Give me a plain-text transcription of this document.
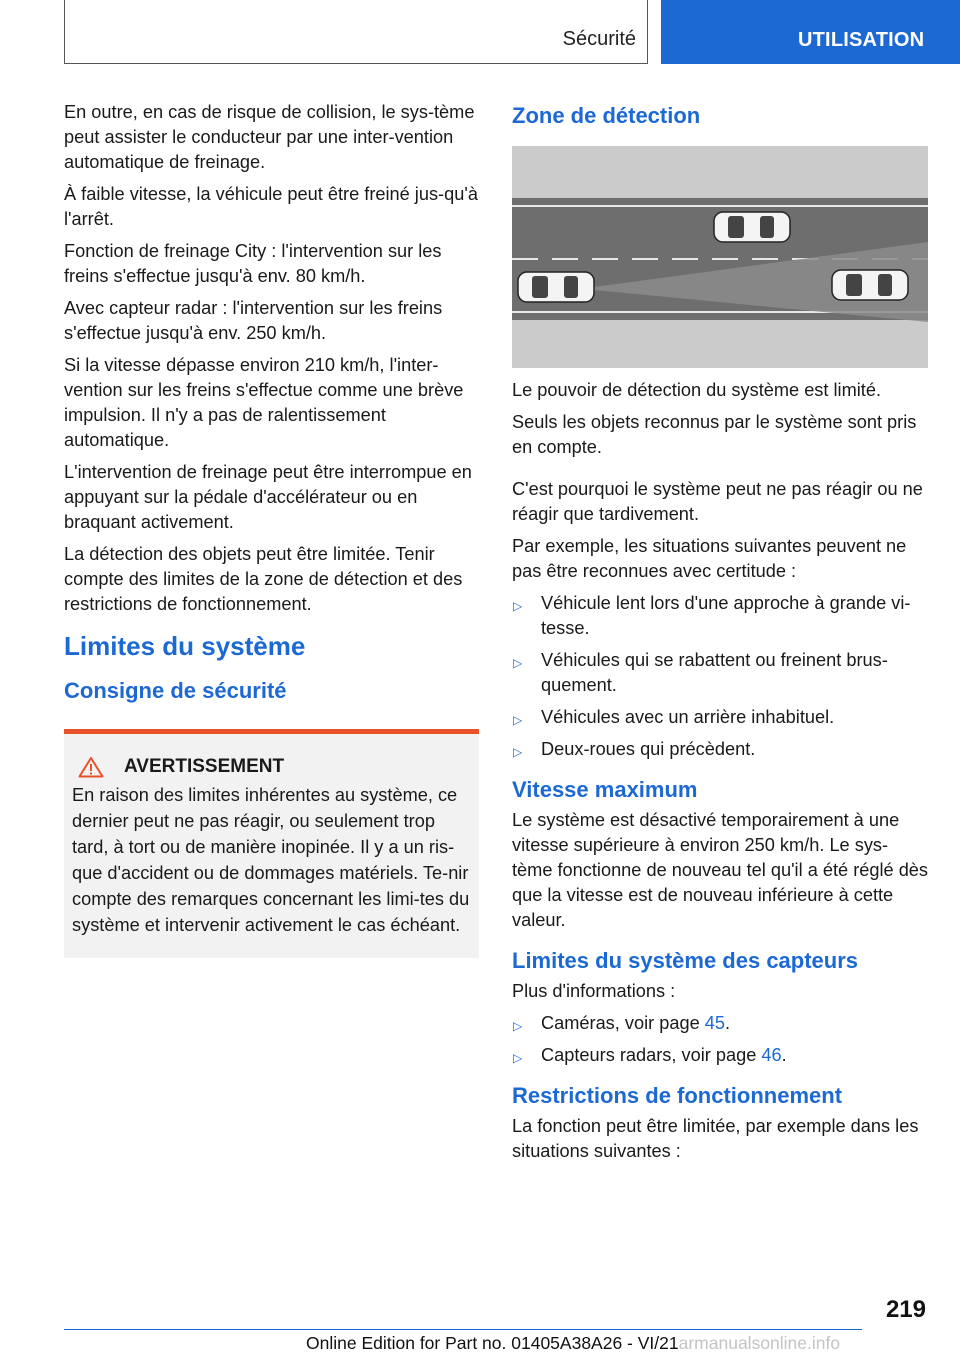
Sécurité	UTILISATION

En outre, en cas de risque de collision, le sys-tème peut assister le conducteur par une inter-vention automatique de freinage.

À faible vitesse, la véhicule peut être freiné jus-qu'à l'arrêt.

Fonction de freinage City : l'intervention sur les freins s'effectue jusqu'à env. 80 km/h.

Avec capteur radar : l'intervention sur les freins s'effectue jusqu'à env. 250 km/h.

Si la vitesse dépasse environ 210 km/h, l'inter-vention sur les freins s'effectue comme une brève impulsion. Il n'y a pas de ralentissement automatique.

L'intervention de freinage peut être interrompue en appuyant sur la pédale d'accélérateur ou en braquant activement.

La détection des objets peut être limitée. Tenir compte des limites de la zone de détection et des restrictions de fonctionnement.

Limites du système
Consigne de sécurité
AVERTISSEMENT
En raison des limites inhérentes au système, ce dernier peut ne pas réagir, ou seulement trop tard, à tort ou de manière inopinée. Il y a un ris-que d'accident ou de dommages matériels. Te-nir compte des remarques concernant les limi-tes du système et intervenir activement le cas échéant.
Zone de détection

Le pouvoir de détection du système est limité.

Seuls les objets reconnus par le système sont pris en compte.

C'est pourquoi le système peut ne pas réagir ou ne réagir que tardivement.

Par exemple, les situations suivantes peuvent ne pas être reconnues avec certitude :

▷ Véhicule lent lors d'une approche à grande vi-tesse.
▷ Véhicules qui se rabattent ou freinent brus-quement.
▷ Véhicules avec un arrière inhabituel.
▷ Deux-roues qui précèdent.
Vitesse maximum

Le système est désactivé temporairement à une vitesse supérieure à environ 250 km/h. Le sys-tème fonctionne de nouveau tel qu'il a été réglé dès que la vitesse est de nouveau inférieure à cette valeur.

Limites du système des capteurs

Plus d'informations :

▷ Caméras, voir page 45.
▷ Capteurs radars, voir page 46.
Restrictions de fonctionnement

La fonction peut être limitée, par exemple dans les situations suivantes :

219
Online Edition for Part no. 01405A38A26 - VI/21armanualsonline.info
